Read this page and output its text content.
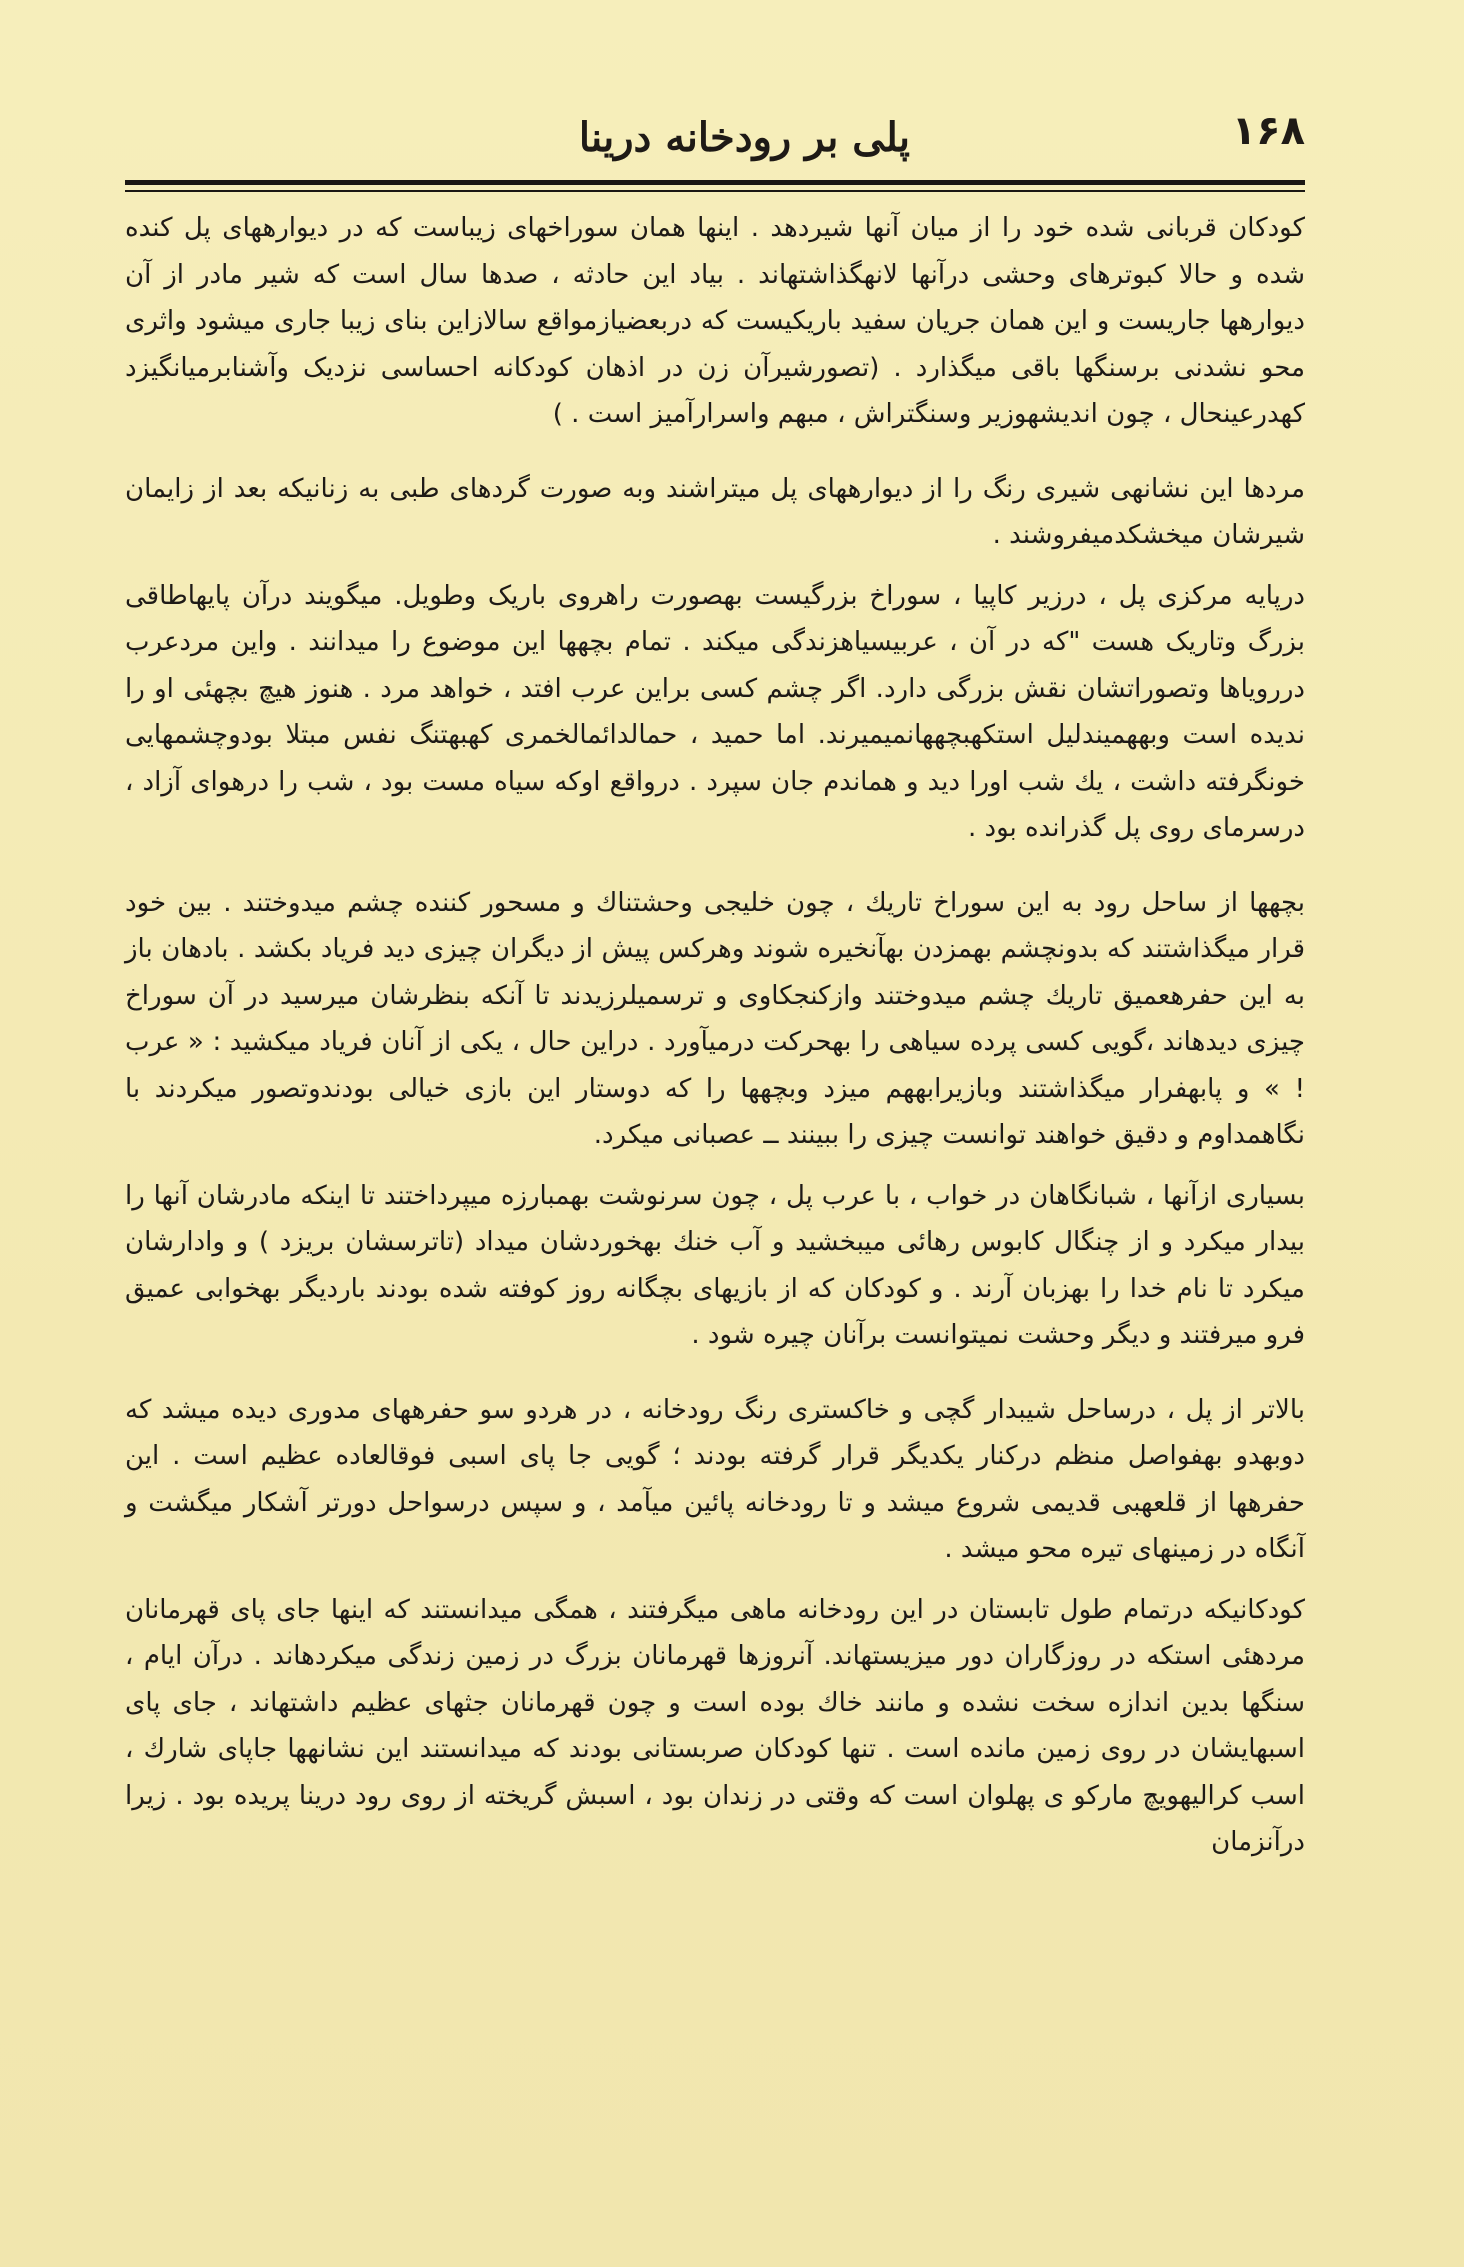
۱۶۸
پلی بر رودخانه درینا

کودکان قربانی شده خود را از میان آنها شیردهد . اینها همان سوراخهای زیباست که در دیوارههای پل کنده شده و حالا کبوترهای وحشی درآنها لانهگذاشتهاند . بیاد این حادثه ، صدها سال است که شیر مادر از آن دیوارهها جاریست و این همان جریان سفید باریکیست که دربعضیازمواقع سالازاین بنای زیبا جاری میشود واثری محو نشدنی برسنگها باقی میگذارد . (تصورشیرآن زن در اذهان کودکانه احساسی نزدیک وآشنابرمیانگیزد کهدرعینحال ، چون اندیشهوزیر وسنگتراش ، مبهم واسرارآمیز است . )

مردها این نشانهی شیری رنگ را از دیوارههای پل میتراشند وبه صورت گردهای طبی به زنانیکه بعد از زایمان شیرشان میخشکدمیفروشند .

درپایه مرکزی پل ، درزیر کاپیا ، سوراخ بزرگیست بهصورت راهروی باریک وطویل. میگویند درآن پایهاطاقی بزرگ وتاریک هست "که در آن ، عربیسیاهزندگی میکند . تمام بچهها این موضوع را میدانند . واین مردعرب دررویاها وتصوراتشان نقش بزرگی دارد. اگر چشم کسی براین عرب افتد ، خواهد مرد . هنوز هیچ بچهئی او را ندیده است وبههمیندلیل استکهبچههانمیمیرند. اما حمید ، حمالدائمالخمری کهبهتنگ نفس مبتلا بودوچشمهایی خونگرفته داشت ، یك شب اورا دید و هماندم جان سپرد . درواقع اوکه سیاه مست بود ، شب را درهوای آزاد ، درسرمای روی پل گذرانده بود .

بچهها از ساحل رود به این سوراخ تاریك ، چون خلیجی وحشتناك و مسحور کننده چشم میدوختند . بین خود قرار میگذاشتند که بدونچشم بهمزدن بهآنخیره شوند وهرکس پیش از دیگران چیزی دید فریاد بکشد . بادهان باز به این حفرهعمیق تاریك چشم میدوختند وازکنجکاوی و ترسمیلرزیدند تا آنکه بنظرشان میرسید در آن سوراخ چیزی دیدهاند ،گویی کسی پرده سیاهی را بهحرکت درمیآورد . دراین حال ، یکی از آنان فریاد میکشید : « عرب ! » و پابهفرار میگذاشتند وبازیرابههم میزد وبچهها را که دوستار این بازی خیالی بودندوتصور میکردند با نگاهمداوم و دقیق خواهند توانست چیزی را ببینند ــ عصبانی میکرد.

بسیاری ازآنها ، شبانگاهان در خواب ، با عرب پل ، چون سرنوشت بهمبارزه میپرداختند تا اینکه مادرشان آنها را بیدار میکرد و از چنگال کابوس رهائی میبخشید و آب خنك بهخوردشان میداد (تاترسشان بریزد ) و وادارشان میکرد تا نام خدا را بهزبان آرند . و کودکان که از بازیهای بچگانه روز کوفته شده بودند باردیگر بهخوابی عمیق فرو میرفتند و دیگر وحشت نمیتوانست برآنان چیره شود .

بالاتر از پل ، درساحل شیبدار گچی و خاکستری رنگ رودخانه ، در هردو سو حفرههای مدوری دیده میشد که دوبهدو بهفواصل منظم درکنار یکدیگر قرار گرفته بودند ؛ گویی جا پای اسبی فوقالعاده عظیم است . این حفرهها از قلعهبی قدیمی شروع میشد و تا رودخانه پائین میآمد ، و سپس درسواحل دورتر آشکار میگشت و آنگاه در زمینهای تیره محو میشد .

کودکانیکه درتمام طول تابستان در این رودخانه ماهی میگرفتند ، همگی میدانستند که اینها جای پای قهرمانان مردهئی استکه در روزگاران دور میزیستهاند. آنروزها قهرمانان بزرگ در زمین زندگی میکردهاند . درآن ایام ، سنگها بدین اندازه سخت نشده و مانند خاك بوده است و چون قهرمانان جثهای عظیم داشتهاند ، جای پای اسبهایشان در روی زمین مانده است . تنها کودکان صربستانی بودند که میدانستند این نشانهها جاپای شارك ، اسب کرالیهویچ مارکو ی پهلوان است که وقتی در زندان بود ، اسبش گریخته از روی رود درینا پریده بود . زیرا درآنزمان
